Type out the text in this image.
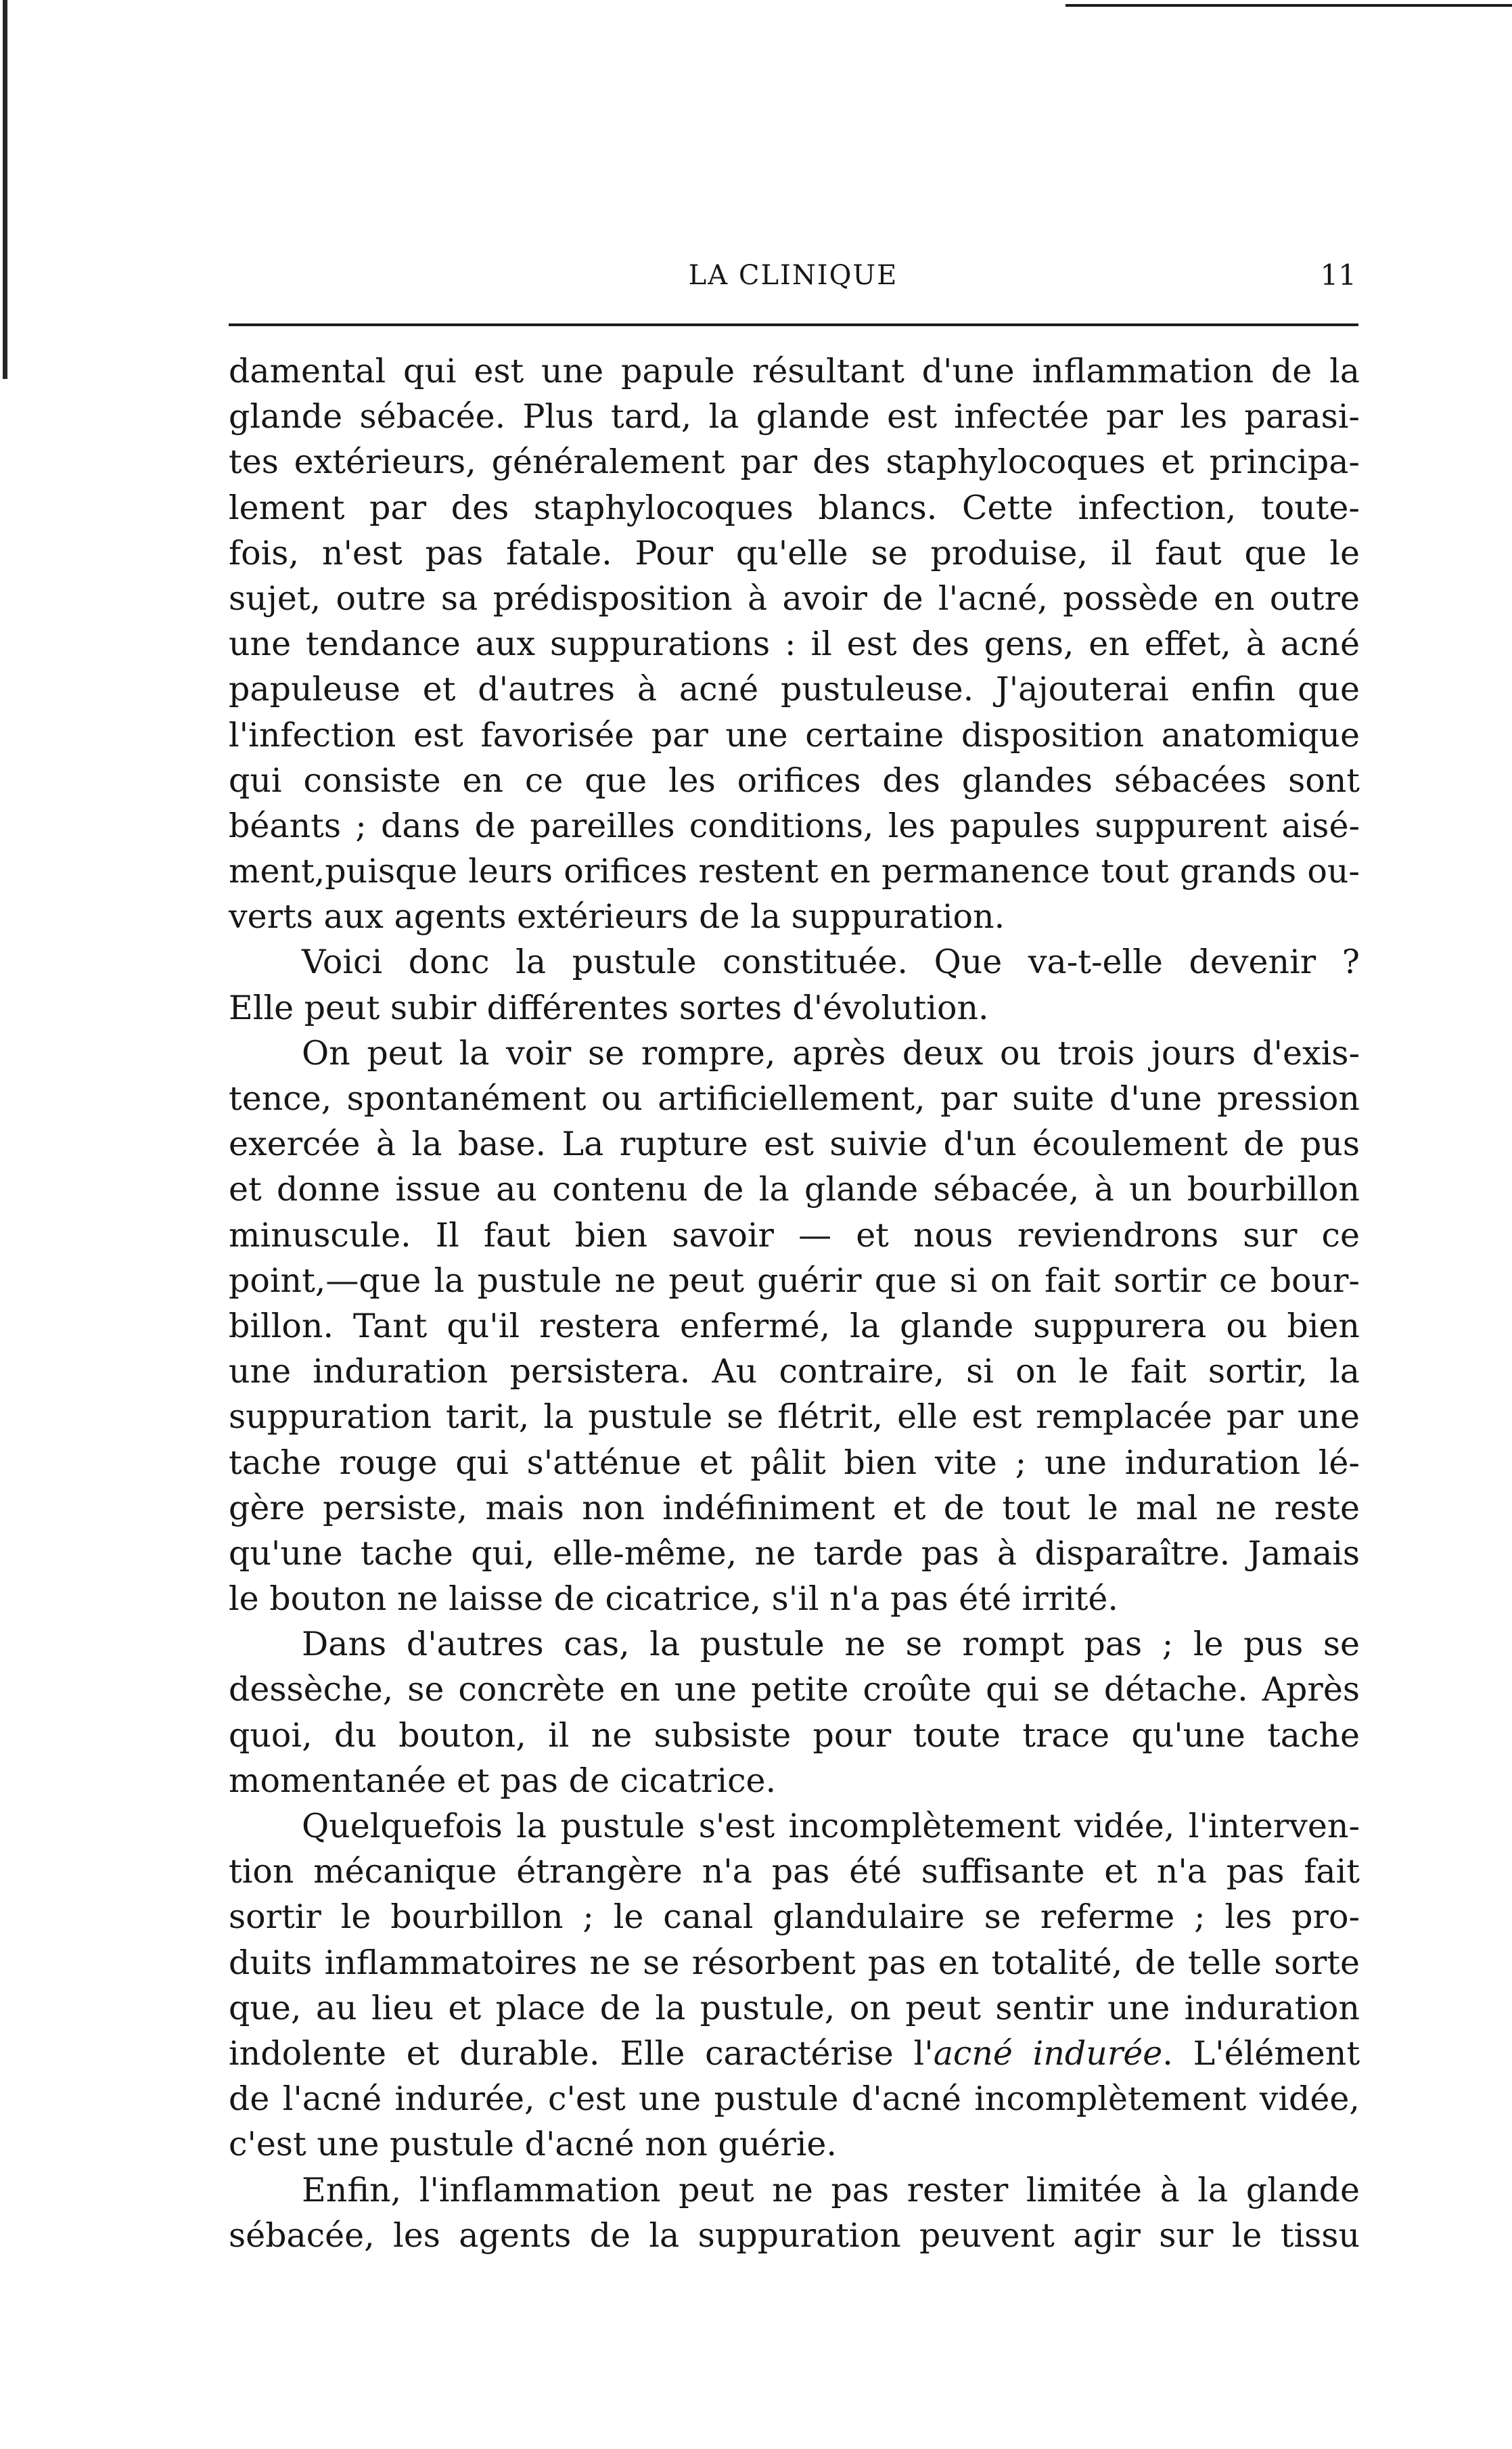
LA CLINIQUE	11
damental qui est une papule résultant d'une inflammation de la
glande sébacée. Plus tard, la glande est infectée par les parasi-
tes extérieurs, généralement par des staphylocoques et principa-
lement par des staphylocoques blancs. Cette infection, toute-
fois, n'est pas fatale. Pour qu'elle se produise, il faut que le
sujet, outre sa prédisposition à avoir de l'acné, possède en outre
une tendance aux suppurations : il est des gens, en effet, à acné
papuleuse et d'autres à acné pustuleuse. J'ajouterai enfin que
l'infection est favorisée par une certaine disposition anatomique
qui consiste en ce que les orifices des glandes sébacées sont
béants ; dans de pareilles conditions, les papules suppurent aisé-
ment,puisque leurs orifices restent en permanence tout grands ou-
verts aux agents extérieurs de la suppuration.
Voici donc la pustule constituée. Que va-t-elle devenir ?
Elle peut subir différentes sortes d'évolution.
On peut la voir se rompre, après deux ou trois jours d'exis-
tence, spontanément ou artificiellement, par suite d'une pression
exercée à la base. La rupture est suivie d'un écoulement de pus
et donne issue au contenu de la glande sébacée, à un bourbillon
minuscule. Il faut bien savoir — et nous reviendrons sur ce
point,—que la pustule ne peut guérir que si on fait sortir ce bour-
billon. Tant qu'il restera enfermé, la glande suppurera ou bien
une induration persistera. Au contraire, si on le fait sortir, la
suppuration tarit, la pustule se flétrit, elle est remplacée par une
tache rouge qui s'atténue et pâlit bien vite ; une induration lé-
gère persiste, mais non indéfiniment et de tout le mal ne reste
qu'une tache qui, elle-même, ne tarde pas à disparaître. Jamais
le bouton ne laisse de cicatrice, s'il n'a pas été irrité.
Dans d'autres cas, la pustule ne se rompt pas ; le pus se
dessèche, se concrète en une petite croûte qui se détache. Après
quoi, du bouton, il ne subsiste pour toute trace qu'une tache
momentanée et pas de cicatrice.
Quelquefois la pustule s'est incomplètement vidée, l'interven-
tion mécanique étrangère n'a pas été suffisante et n'a pas fait
sortir le bourbillon ; le canal glandulaire se referme ; les pro-
duits inflammatoires ne se résorbent pas en totalité, de telle sorte
que, au lieu et place de la pustule, on peut sentir une induration
indolente et durable. Elle caractérise l'acné indurée. L'élément
de l'acné indurée, c'est une pustule d'acné incomplètement vidée,
c'est une pustule d'acné non guérie.
Enfin, l'inflammation peut ne pas rester limitée à la glande
sébacée, les agents de la suppuration peuvent agir sur le tissu
